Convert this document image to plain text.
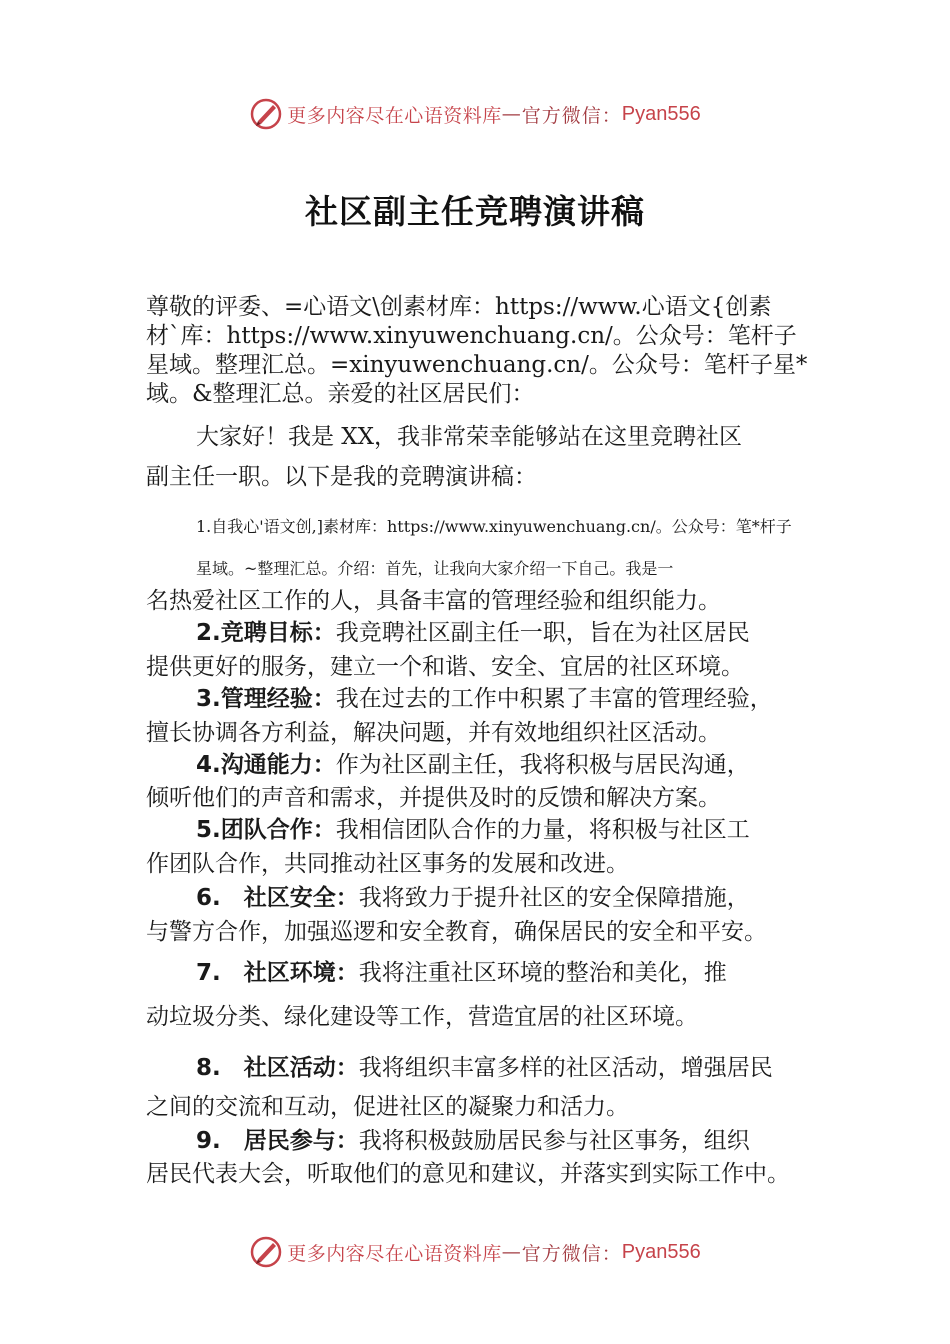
更多内容尽在心语资料库 — 官方微信： Pyan556
社区副主任竞聘演讲稿

尊敬的评委、=心语文\创素材库：https://www.心语文{创素

材`库：https://www.xinyuwenchuang.cn/。公众号：笔杆子

星域。整理汇总。=xinyuwenchuang.cn/。公众号：笔杆子星*

域。&整理汇总。亲爱的社区居民们：

大家好！我是 XX，我非常荣幸能够站在这里竞聘社区

副主任一职。以下是我的竞聘演讲稿：

1.自我心'语文创,]素材库：https://www.xinyuwenchuang.cn/。公众号：笔*杆子

星域。~整理汇总。介绍：首先，让我向大家介绍一下自己。我是一

名热爱社区工作的人，具备丰富的管理经验和组织能力。

2.竞聘目标：我竞聘社区副主任一职，旨在为社区居民

提供更好的服务，建立一个和谐、安全、宜居的社区环境。

3.管理经验：我在过去的工作中积累了丰富的管理经验，

擅长协调各方利益，解决问题，并有效地组织社区活动。

4.沟通能力：作为社区副主任，我将积极与居民沟通，

倾听他们的声音和需求，并提供及时的反馈和解决方案。

5.团队合作：我相信团队合作的力量，将积极与社区工

作团队合作，共同推动社区事务的发展和改进。

6.　社区安全：我将致力于提升社区的安全保障措施，

与警方合作，加强巡逻和安全教育，确保居民的安全和平安。

7.　社区环境：我将注重社区环境的整治和美化，推

动垃圾分类、绿化建设等工作，营造宜居的社区环境。

8.　社区活动：我将组织丰富多样的社区活动，增强居民

之间的交流和互动，促进社区的凝聚力和活力。

9.　居民参与：我将积极鼓励居民参与社区事务，组织

居民代表大会，听取他们的意见和建议，并落实到实际工作中。

更多内容尽在心语资料库 — 官方微信： Pyan556
